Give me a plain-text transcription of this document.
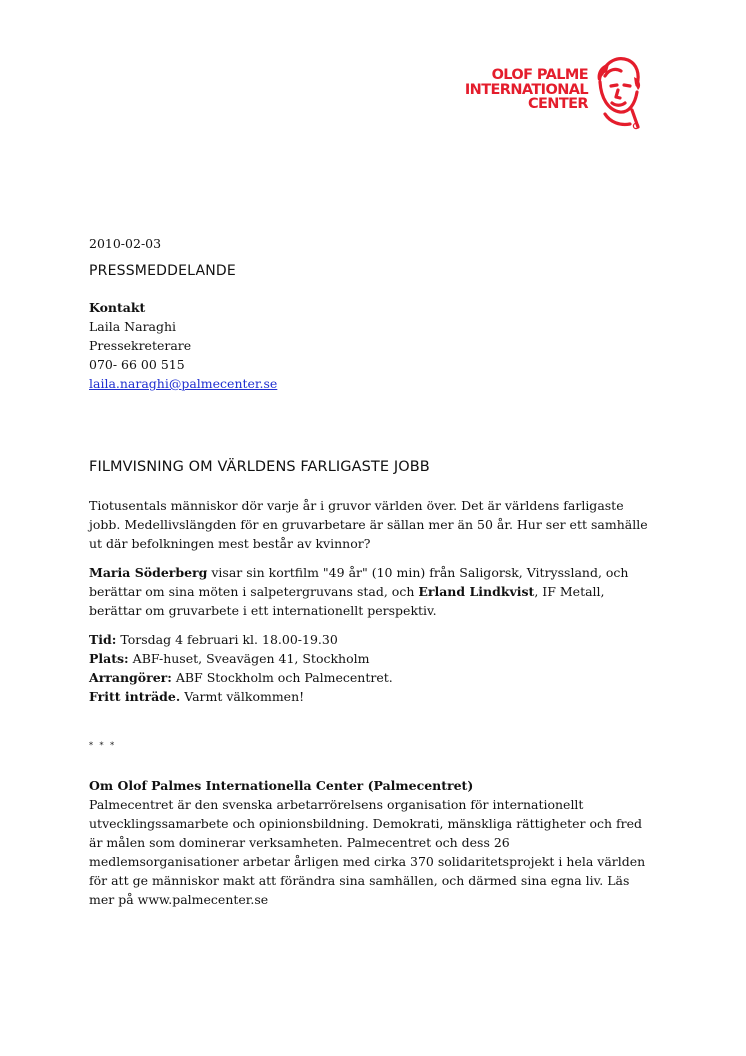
OLOF PALME
INTERNATIONAL
CENTER
2010-02-03
PRESSMEDDELANDE
Kontakt
Laila Naraghi
Pressekreterare
070- 66 00 515
laila.naraghi@palmecenter.se
FILMVISNING OM VÄRLDENS FARLIGASTE JOBB
Tiotusentals människor dör varje år i gruvor världen över. Det är världens farligaste jobb. Medellivslängden för en gruvarbetare är sällan mer än 50 år. Hur ser ett samhälle ut där befolkningen mest består av kvinnor?
Maria Söderberg visar sin kortfilm "49 år" (10 min) från Saligorsk, Vitryssland, och berättar om sina möten i salpetergruvans stad, och Erland Lindkvist, IF Metall, berättar om gruvarbete i ett internationellt perspektiv.
Tid: Torsdag 4 februari kl. 18.00-19.30
Plats: ABF-huset, Sveavägen 41, Stockholm
Arrangörer: ABF Stockholm och Palmecentret.
Fritt inträde. Varmt välkommen!
* * *
Om Olof Palmes Internationella Center (Palmecentret)
Palmecentret är den svenska arbetarrörelsens organisation för internationellt utvecklingssamarbete och opinionsbildning. Demokrati, mänskliga rättigheter och fred är målen som dominerar verksamheten. Palmecentret och dess 26 medlemsorganisationer arbetar årligen med cirka 370 solidaritetsprojekt i hela världen för att ge människor makt att förändra sina samhällen, och därmed sina egna liv. Läs mer på www.palmecenter.se
